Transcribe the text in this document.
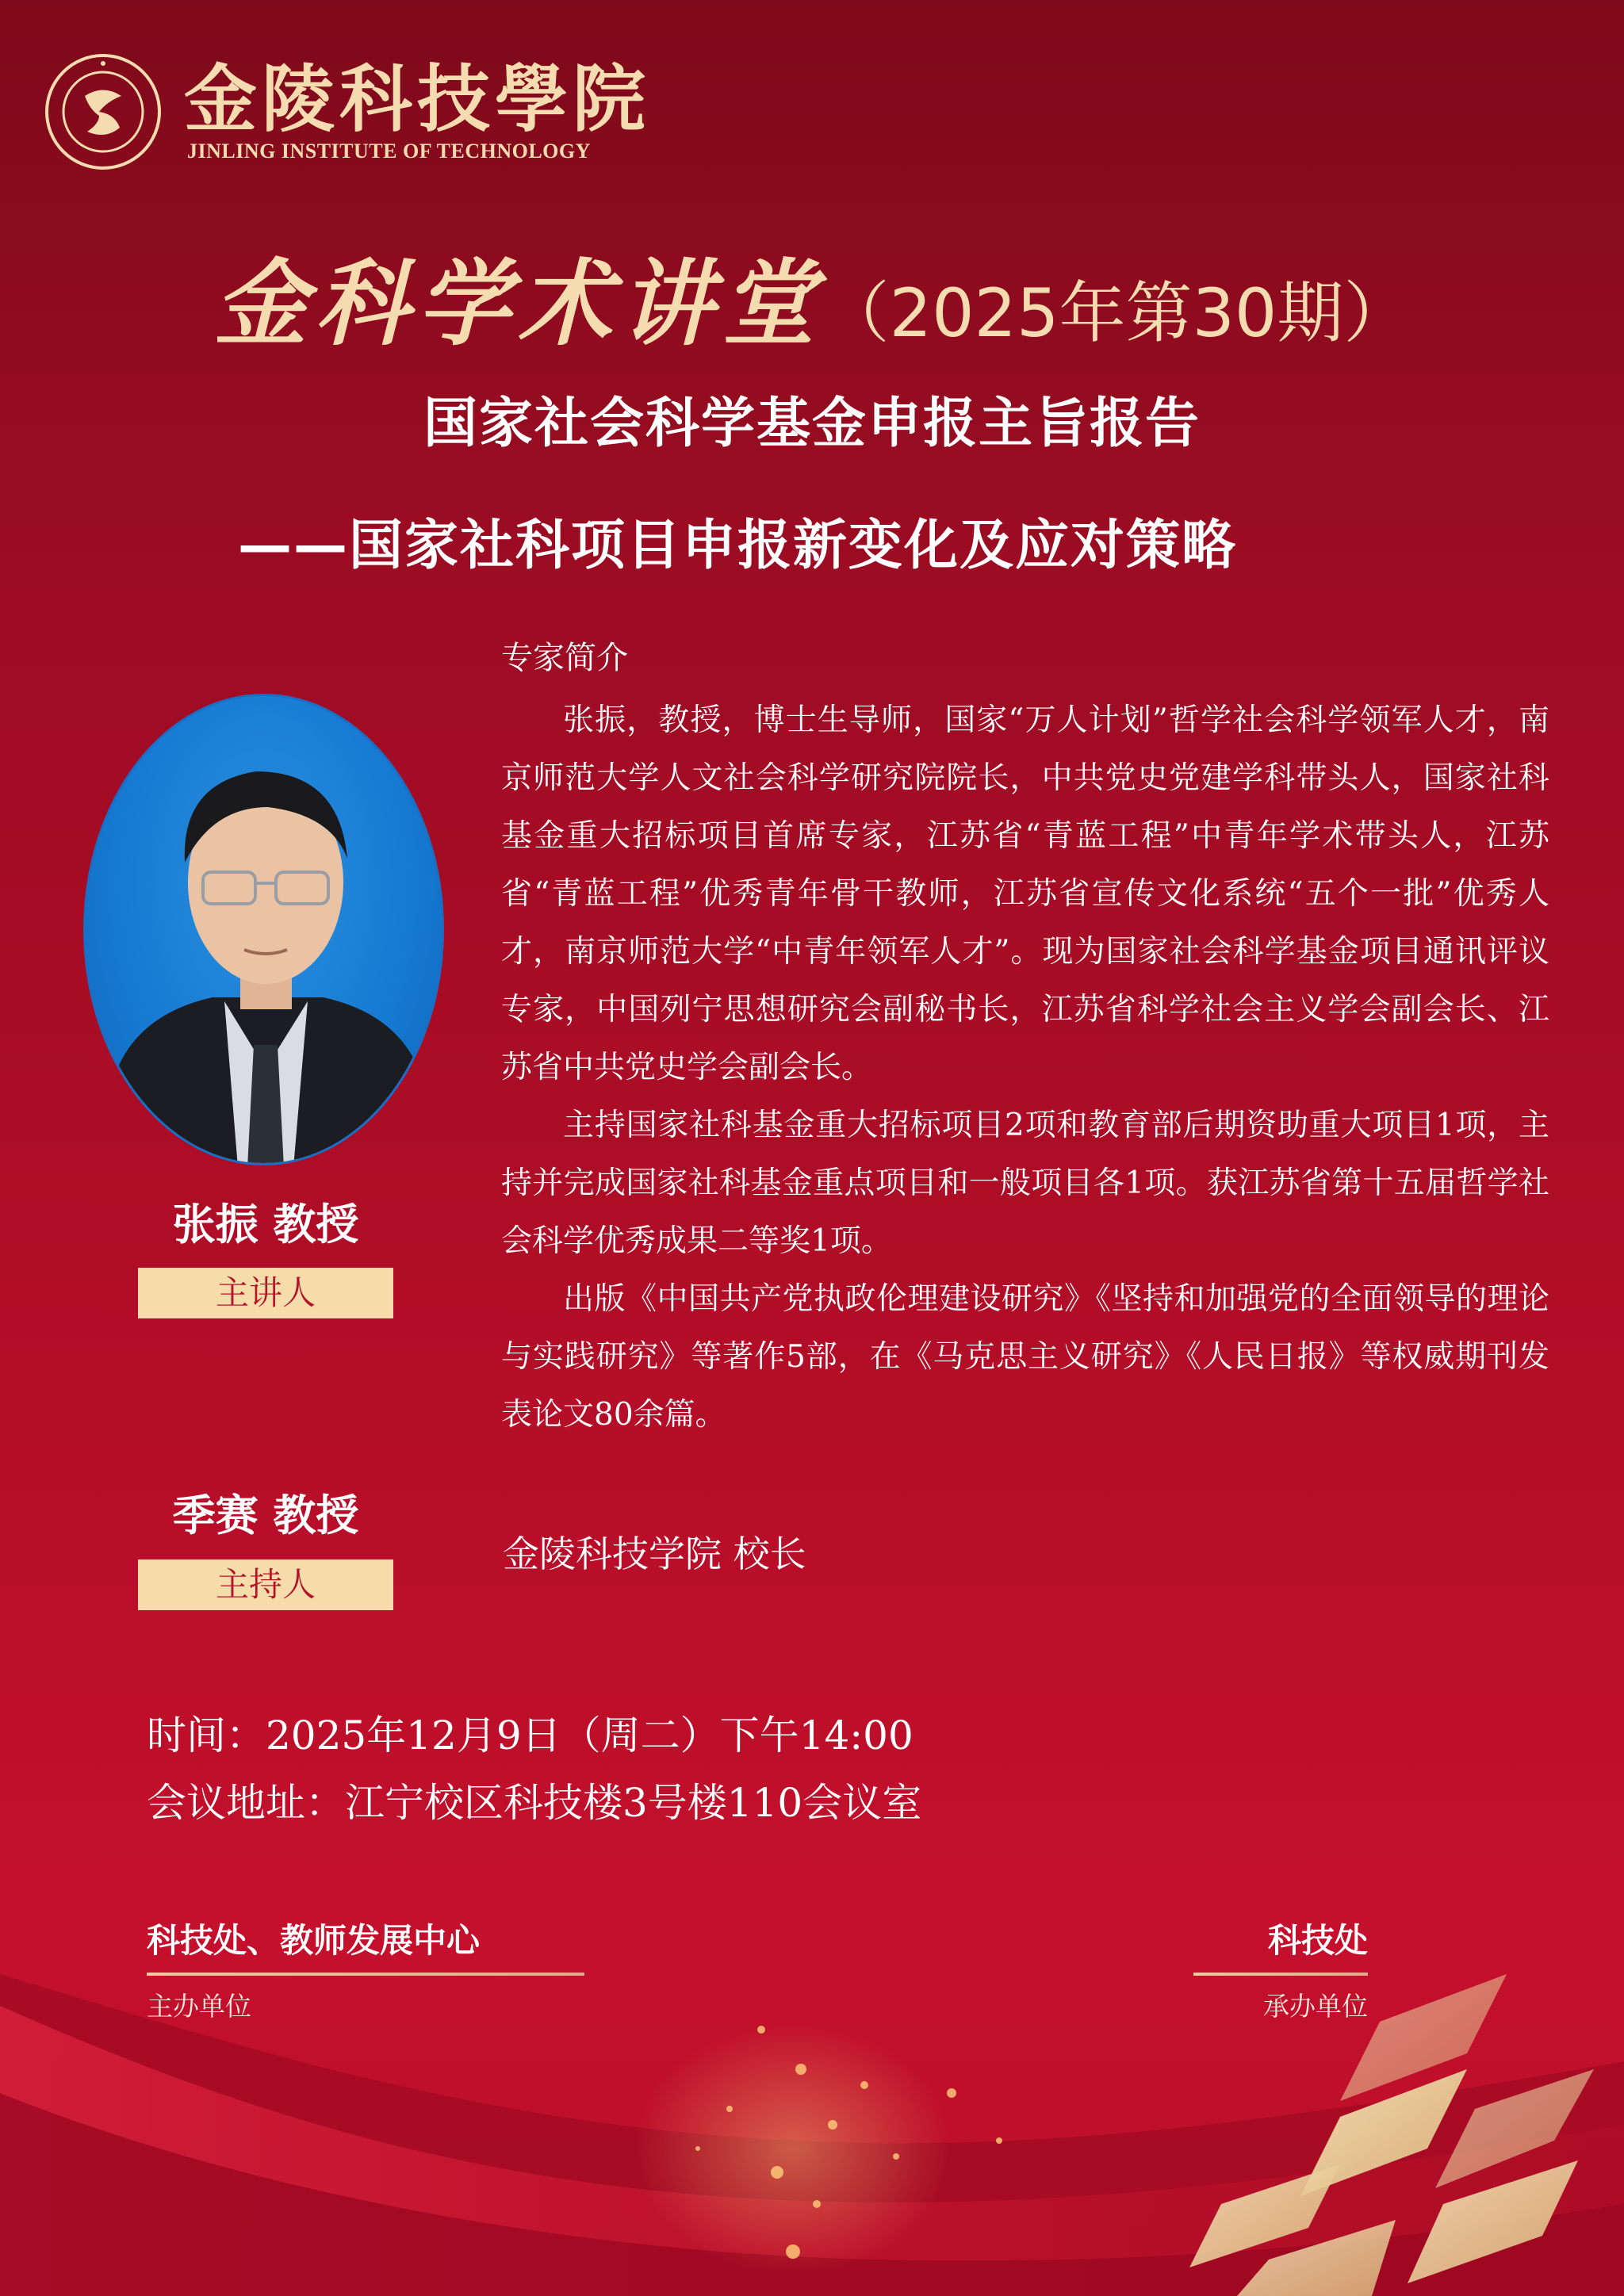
金陵科技學院
JINLING INSTITUTE OF TECHNOLOGY
金科学术讲堂（2025年第30期）
国家社会科学基金申报主旨报告
——国家社科项目申报新变化及应对策略
张振 教授
主讲人
专家简介

张振，教授，博士生导师，国家“万人计划”哲学社会科学领军人才，南京师范大学人文社会科学研究院院长，中共党史党建学科带头人，国家社科基金重大招标项目首席专家，江苏省“青蓝工程”中青年学术带头人，江苏省“青蓝工程”优秀青年骨干教师，江苏省宣传文化系统“五个一批”优秀人才，南京师范大学“中青年领军人才”。现为国家社会科学基金项目通讯评议专家，中国列宁思想研究会副秘书长，江苏省科学社会主义学会副会长、江苏省中共党史学会副会长。

主持国家社科基金重大招标项目2项和教育部后期资助重大项目1项，主持并完成国家社科基金重点项目和一般项目各1项。获江苏省第十五届哲学社会科学优秀成果二等奖1项。

出版《中国共产党执政伦理建设研究》《坚持和加强党的全面领导的理论与实践研究》等著作5部，在《马克思主义研究》《人民日报》等权威期刊发表论文80余篇。

季赛 教授
主持人
金陵科技学院 校长
时间：2025年12月9日（周二）下午14:00
会议地址：江宁校区科技楼3号楼110会议室
科技处、教师发展中心
主办单位
科技处
承办单位
